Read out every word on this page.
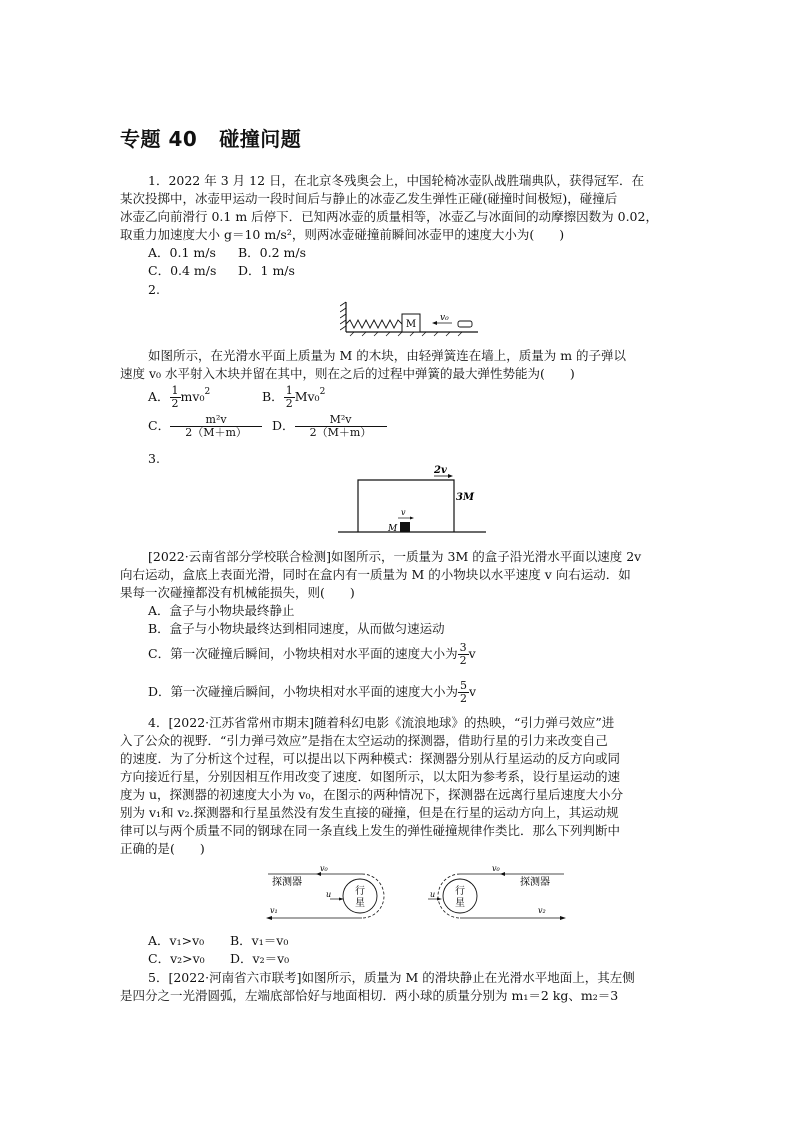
专题 40 碰撞问题
1．2022 年 3 月 12 日，在北京冬残奥会上，中国轮椅冰壶队战胜瑞典队，获得冠军．在
某次投掷中，冰壶甲运动一段时间后与静止的冰壶乙发生弹性正碰(碰撞时间极短)，碰撞后
冰壶乙向前滑行 0.1 m 后停下．已知两冰壶的质量相等，冰壶乙与冰面间的动摩擦因数为 0.02，
取重力加速度大小 g＝10 m/s²，则两冰壶碰撞前瞬间冰壶甲的速度大小为(　　)
A．0.1 m/s B．0.2 m/s
C．0.4 m/s D．1 m/s
2.
M
v₀
如图所示，在光滑水平面上质量为 M 的木块，由轻弹簧连在墙上，质量为 m 的子弹以
速度 v₀ 水平射入木块并留在其中，则在之后的过程中弹簧的最大弹性势能为(　　)
A． $\frac{1}{2} mv_0^2$	B． $\frac{1}{2} Mv_0^2$
C． $\frac{\text{m²v}}{2(M+m)}$ D． $\frac{\text{M²v}}{2(M+m)}$
3.
2v
3M
M
v
[2022·云南省部分学校联合检测]如图所示，一质量为 3M 的盒子沿光滑水平面以速度 2v
向右运动，盒底上表面光滑，同时在盒内有一质量为 M 的小物块以水平速度 v 向右运动．如
果每一次碰撞都没有机械能损失，则(　　)
A．盒子与小物块最终静止
B．盒子与小物块最终达到相同速度，从而做匀速运动
C．第一次碰撞后瞬间，小物块相对水平面的速度大小为 $\frac{3}{2}$ v
D．第一次碰撞后瞬间，小物块相对水平面的速度大小为 $\frac{5}{2}$ v
4．[2022·江苏省常州市期末]随着科幻电影《流浪地球》的热映，“引力弹弓效应”进
入了公众的视野．“引力弹弓效应”是指在太空运动的探测器，借助行星的引力来改变自己
的速度．为了分析这个过程，可以提出以下两种模式：探测器分别从行星运动的反方向或同
方向接近行星，分别因相互作用改变了速度．如图所示，以太阳为参考系，设行星运动的速
度为 u，探测器的初速度大小为 v₀，在图示的两种情况下，探测器在远离行星后速度大小分
别为 v₁和 v₂.探测器和行星虽然没有发生直接的碰撞，但是在行星的运动方向上，其运动规
律可以与两个质量不同的钢球在同一条直线上发生的弹性碰撞规律作类比．那么下列判断中
正确的是(　　)
探测器
v₀
v₁
行
星
u
探测器
v₀
v₂
行
星
u
A．v₁>v₀ B．v₁＝v₀
C．v₂>v₀ D．v₂＝v₀
5．[2022·河南省六市联考]如图所示，质量为 M 的滑块静止在光滑水平地面上，其左侧
是四分之一光滑圆弧，左端底部恰好与地面相切．两小球的质量分别为 m₁＝2 kg、m₂＝3
